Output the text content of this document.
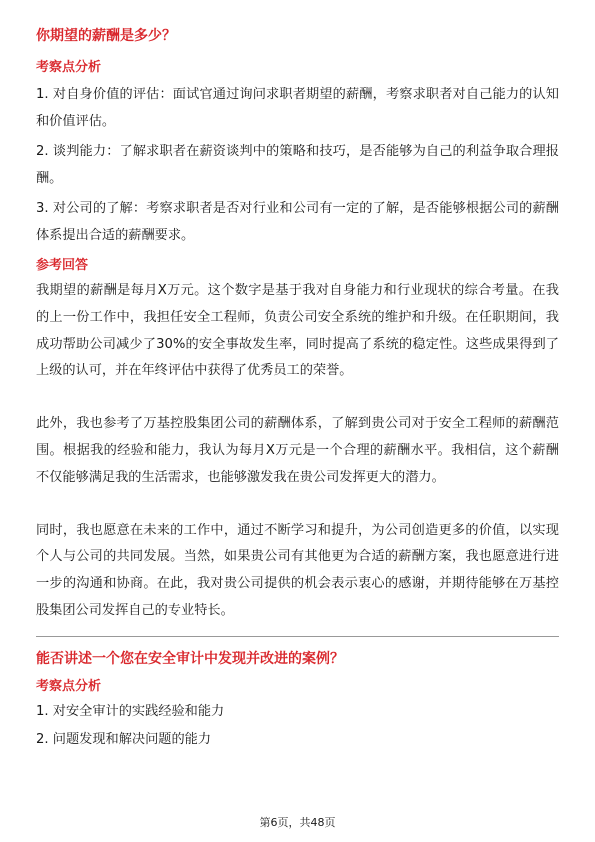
你期望的薪酬是多少？

考察点分析

1. 对自身价值的评估：面试官通过询问求职者期望的薪酬，考察求职者对自己能力的认知和价值评估。

2. 谈判能力：了解求职者在薪资谈判中的策略和技巧，是否能够为自己的利益争取合理报酬。

3. 对公司的了解：考察求职者是否对行业和公司有一定的了解，是否能够根据公司的薪酬体系提出合适的薪酬要求。

参考回答

我期望的薪酬是每月X万元。这个数字是基于我对自身能力和行业现状的综合考量。在我的上一份工作中，我担任安全工程师，负责公司安全系统的维护和升级。在任职期间，我成功帮助公司减少了30%的安全事故发生率，同时提高了系统的稳定性。这些成果得到了上级的认可，并在年终评估中获得了优秀员工的荣誉。

此外，我也参考了万基控股集团公司的薪酬体系，了解到贵公司对于安全工程师的薪酬范围。根据我的经验和能力，我认为每月X万元是一个合理的薪酬水平。我相信，这个薪酬不仅能够满足我的生活需求，也能够激发我在贵公司发挥更大的潜力。

同时，我也愿意在未来的工作中，通过不断学习和提升，为公司创造更多的价值，以实现个人与公司的共同发展。当然，如果贵公司有其他更为合适的薪酬方案，我也愿意进行进一步的沟通和协商。在此，我对贵公司提供的机会表示衷心的感谢，并期待能够在万基控股集团公司发挥自己的专业特长。

能否讲述一个您在安全审计中发现并改进的案例？

考察点分析

1. 对安全审计的实践经验和能力

2. 问题发现和解决问题的能力

第6页，共48页
